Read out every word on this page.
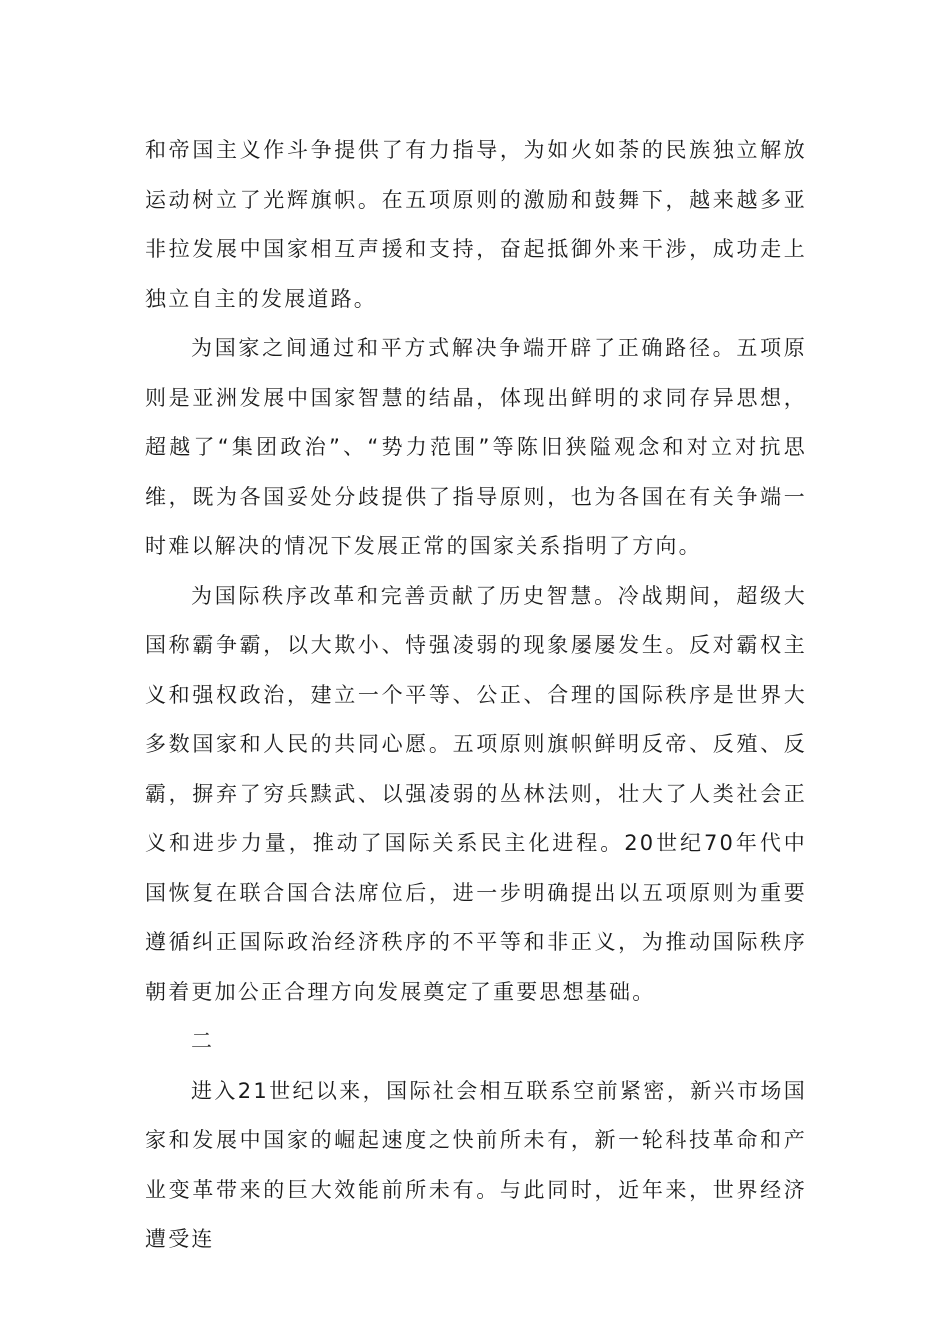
和帝国主义作斗争提供了有力指导，为如火如荼的民族独立解放运动树立了光辉旗帜。在五项原则的激励和鼓舞下，越来越多亚非拉发展中国家相互声援和支持，奋起抵御外来干涉，成功走上独立自主的发展道路。

为国家之间通过和平方式解决争端开辟了正确路径。五项原则是亚洲发展中国家智慧的结晶，体现出鲜明的求同存异思想，超越了“集团政治”、“势力范围”等陈旧狭隘观念和对立对抗思维，既为各国妥处分歧提供了指导原则，也为各国在有关争端一时难以解决的情况下发展正常的国家关系指明了方向。

为国际秩序改革和完善贡献了历史智慧。冷战期间，超级大国称霸争霸，以大欺小、恃强凌弱的现象屡屡发生。反对霸权主义和强权政治，建立一个平等、公正、合理的国际秩序是世界大多数国家和人民的共同心愿。五项原则旗帜鲜明反帝、反殖、反霸，摒弃了穷兵黩武、以强凌弱的丛林法则，壮大了人类社会正义和进步力量，推动了国际关系民主化进程。20世纪70年代中国恢复在联合国合法席位后，进一步明确提出以五项原则为重要遵循纠正国际政治经济秩序的不平等和非正义，为推动国际秩序朝着更加公正合理方向发展奠定了重要思想基础。

二

进入21世纪以来，国际社会相互联系空前紧密，新兴市场国家和发展中国家的崛起速度之快前所未有，新一轮科技革命和产业变革带来的巨大效能前所未有。与此同时，近年来，世界经济遭受连
